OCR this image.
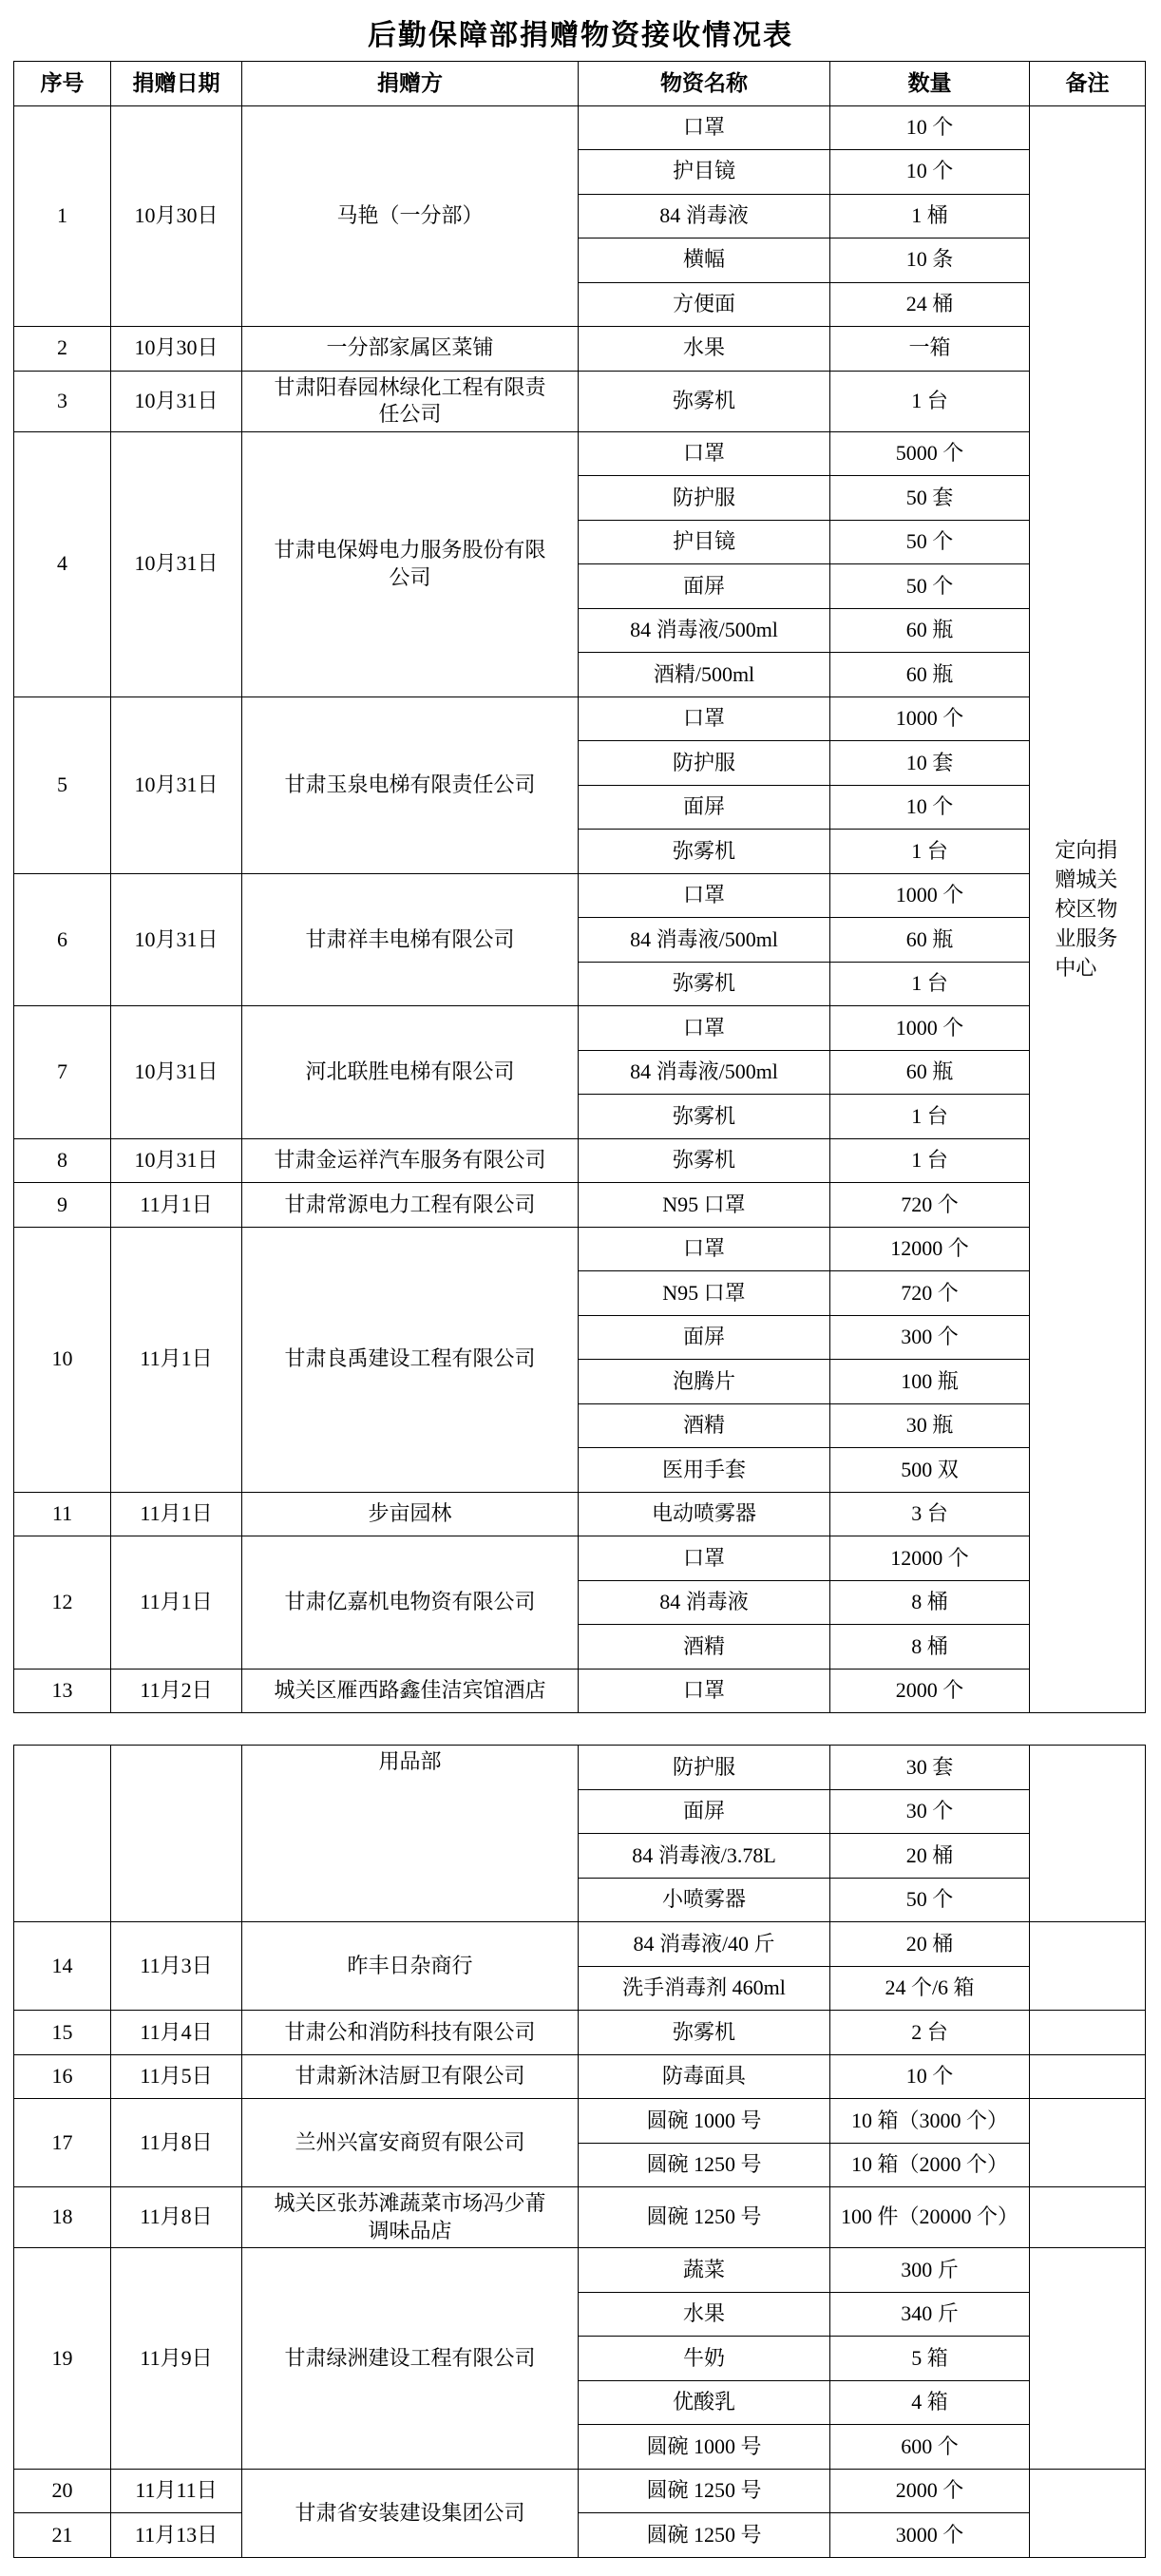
后勤保障部捐赠物资接收情况表
序号	捐赠日期	捐赠方	物资名称	数量	备注
1	10月30日	马艳（一分部）	口罩	10 个	定向捐赠城关校区物业服务中心
			护目镜	10 个	
			84 消毒液	1 桶	
			横幅	10 条	
			方便面	24 桶	
2	10月30日	一分部家属区菜铺	水果	一箱	
3	10月31日	甘肃阳春园林绿化工程有限责任公司	弥雾机	1 台	
4	10月31日	甘肃电保姆电力服务股份有限公司	口罩	5000 个	
			防护服	50 套	
			护目镜	50 个	
			面屏	50 个	
			84 消毒液/500ml	60 瓶	
			酒精/500ml	60 瓶	
5	10月31日	甘肃玉泉电梯有限责任公司	口罩	1000 个	
			防护服	10 套	
			面屏	10 个	
			弥雾机	1 台	
6	10月31日	甘肃祥丰电梯有限公司	口罩	1000 个	
			84 消毒液/500ml	60 瓶	
			弥雾机	1 台	
7	10月31日	河北联胜电梯有限公司	口罩	1000 个	
			84 消毒液/500ml	60 瓶	
			弥雾机	1 台	
8	10月31日	甘肃金运祥汽车服务有限公司	弥雾机	1 台	
9	11月1日	甘肃常源电力工程有限公司	N95 口罩	720 个	
10	11月1日	甘肃良禹建设工程有限公司	口罩	12000 个	
			N95 口罩	720 个	
			面屏	300 个	
			泡腾片	100 瓶	
			酒精	30 瓶	
			医用手套	500 双	
11	11月1日	步亩园林	电动喷雾器	3 台	
12	11月1日	甘肃亿嘉机电物资有限公司	口罩	12000 个	
			84 消毒液	8 桶	
			酒精	8 桶	
13	11月2日	城关区雁西路鑫佳洁宾馆酒店	口罩	2000 个	
		用品部	防护服	30 套	
			面屏	30 个	
			84 消毒液/3.78L	20 桶	
			小喷雾器	50 个	
14	11月3日	昨丰日杂商行	84 消毒液/40 斤	20 桶	
			洗手消毒剂 460ml	24 个/6 箱	
15	11月4日	甘肃公和消防科技有限公司	弥雾机	2 台	
16	11月5日	甘肃新沐洁厨卫有限公司	防毒面具	10 个	
17	11月8日	兰州兴富安商贸有限公司	圆碗 1000 号	10 箱（3000 个）	
			圆碗 1250 号	10 箱（2000 个）	
18	11月8日	城关区张苏滩蔬菜市场冯少莆调味品店	圆碗 1250 号	100 件（20000 个）	
19	11月9日	甘肃绿洲建设工程有限公司	蔬菜	300 斤	
			水果	340 斤	
			牛奶	5 箱	
			优酸乳	4 箱	
			圆碗 1000 号	600 个	
20	11月11日	甘肃省安装建设集团公司	圆碗 1250 号	2000 个	
21	11月13日		圆碗 1250 号	3000 个	
